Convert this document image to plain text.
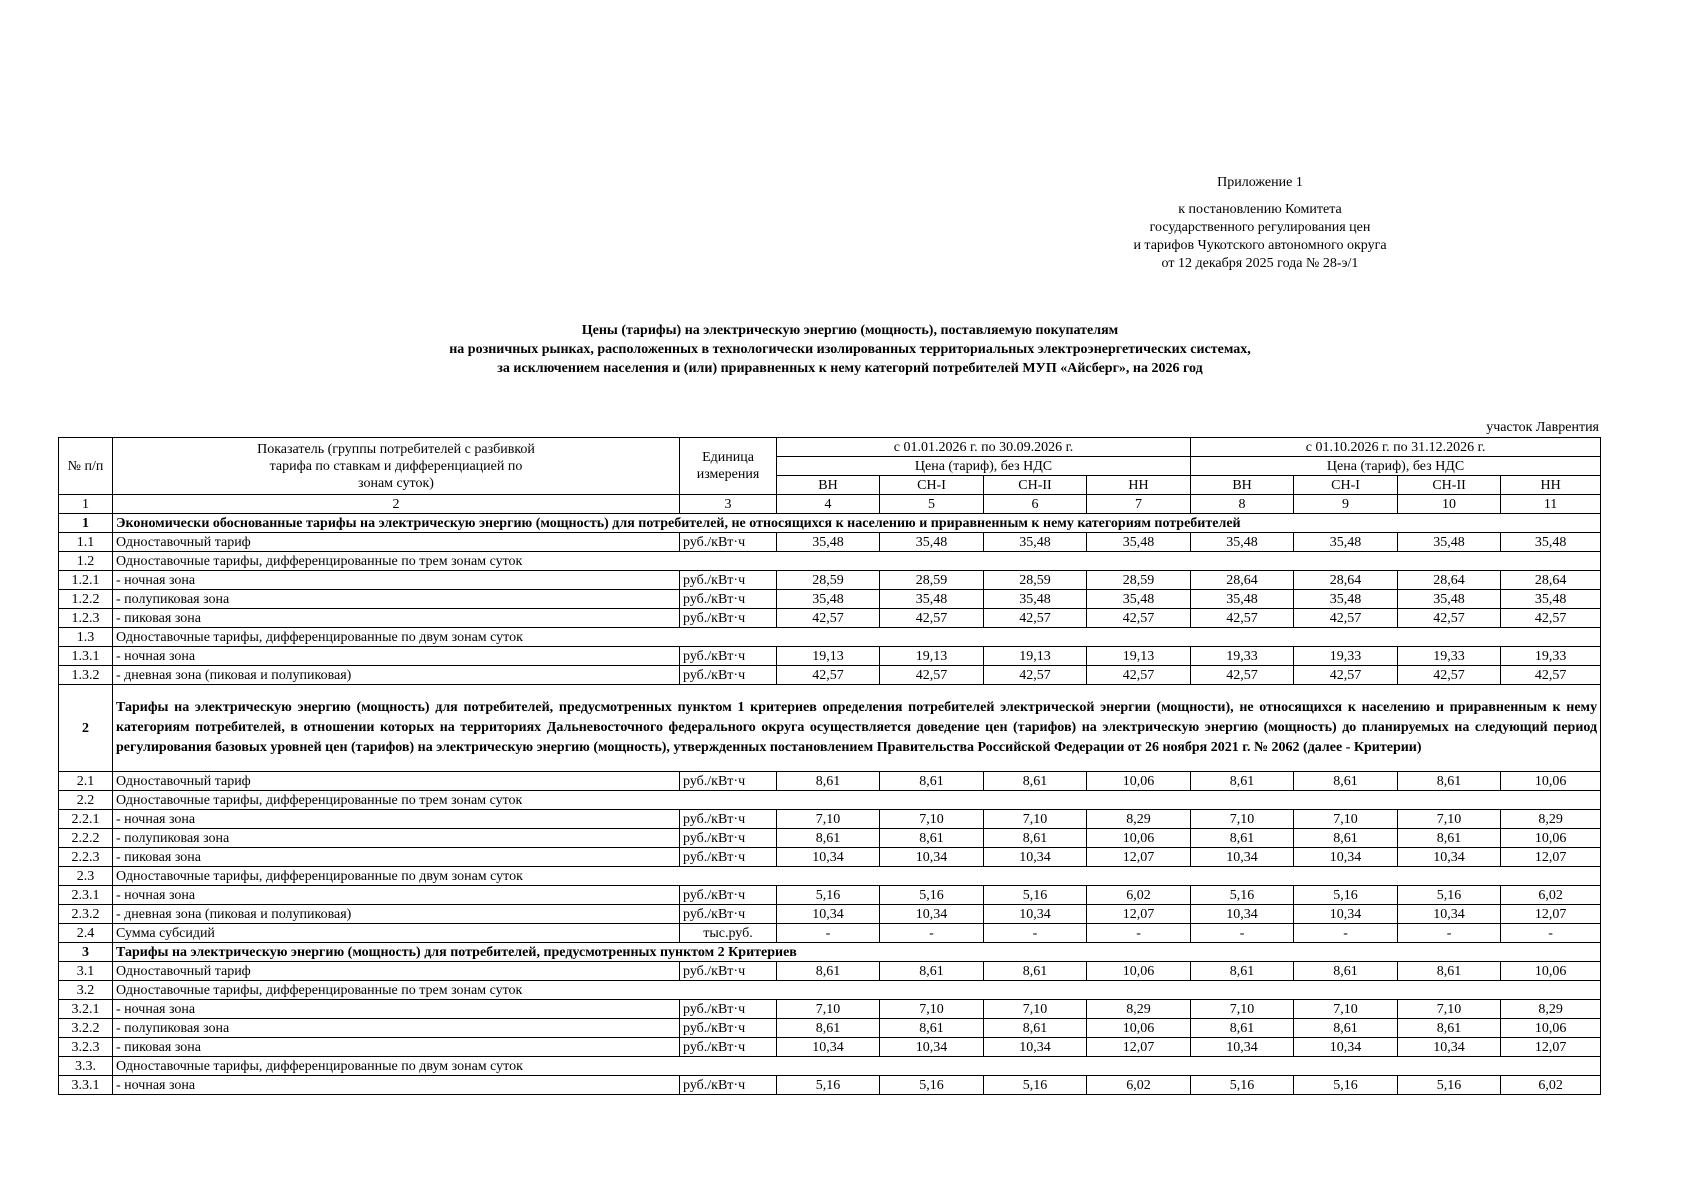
Приложение 1
к постановлению Комитета
государственного регулирования цен
и тарифов Чукотского автономного округа
от 12 декабря 2025 года № 28-э/1
Цены (тарифы) на электрическую энергию (мощность), поставляемую покупателям
на розничных рынках, расположенных в технологически изолированных территориальных электроэнергетических системах,
за исключением населения и (или) приравненных к нему категорий потребителей МУП «Айсберг», на 2026 год
участок Лаврентия
№ п/п	Показатель (группы потребителей с разбивкой тарифа по ставкам и дифференциацией по зонам суток)	Единица измерения	с 01.01.2026 г. по 30.09.2026 г.				с 01.10.2026 г. по 31.12.2026 г.			
			Цена (тариф), без НДС				Цена (тариф), без НДС			
			ВН	СН-I	СН-II	НН	ВН	СН-I	СН-II	НН
1	2	3	4	5	6	7	8	9	10	11
1	Экономически обоснованные тарифы на электрическую энергию (мощность) для потребителей, не относящихся к населению и приравненным к нему категориям потребителей									
1.1	Одноставочный тариф	руб./кВт·ч	35,48	35,48	35,48	35,48	35,48	35,48	35,48	35,48
1.2	Одноставочные тарифы, дифференцированные по трем зонам суток									
1.2.1	- ночная зона	руб./кВт·ч	28,59	28,59	28,59	28,59	28,64	28,64	28,64	28,64
1.2.2	- полупиковая зона	руб./кВт·ч	35,48	35,48	35,48	35,48	35,48	35,48	35,48	35,48
1.2.3	- пиковая зона	руб./кВт·ч	42,57	42,57	42,57	42,57	42,57	42,57	42,57	42,57
1.3	Одноставочные тарифы, дифференцированные по двум зонам суток									
1.3.1	- ночная зона	руб./кВт·ч	19,13	19,13	19,13	19,13	19,33	19,33	19,33	19,33
1.3.2	- дневная зона (пиковая и полупиковая)	руб./кВт·ч	42,57	42,57	42,57	42,57	42,57	42,57	42,57	42,57
2	Тарифы на электрическую энергию (мощность) для потребителей, предусмотренных пунктом 1 критериев определения потребителей электрической энергии (мощности), не относящихся к населению и приравненным к нему категориям потребителей, в отношении которых на территориях Дальневосточного федерального округа осуществляется доведение цен (тарифов) на электрическую энергию (мощность) до планируемых на следующий период регулирования базовых уровней цен (тарифов) на электрическую энергию (мощность), утвержденных постановлением Правительства Российской Федерации от 26 ноября 2021 г. № 2062 (далее - Критерии)									
2.1	Одноставочный тариф	руб./кВт·ч	8,61	8,61	8,61	10,06	8,61	8,61	8,61	10,06
2.2	Одноставочные тарифы, дифференцированные по трем зонам суток									
2.2.1	- ночная зона	руб./кВт·ч	7,10	7,10	7,10	8,29	7,10	7,10	7,10	8,29
2.2.2	- полупиковая зона	руб./кВт·ч	8,61	8,61	8,61	10,06	8,61	8,61	8,61	10,06
2.2.3	- пиковая зона	руб./кВт·ч	10,34	10,34	10,34	12,07	10,34	10,34	10,34	12,07
2.3	Одноставочные тарифы, дифференцированные по двум зонам суток									
2.3.1	- ночная зона	руб./кВт·ч	5,16	5,16	5,16	6,02	5,16	5,16	5,16	6,02
2.3.2	- дневная зона (пиковая и полупиковая)	руб./кВт·ч	10,34	10,34	10,34	12,07	10,34	10,34	10,34	12,07
2.4	Сумма субсидий	тыс.руб.	-	-	-	-	-	-	-	-
3	Тарифы на электрическую энергию (мощность) для потребителей, предусмотренных пунктом 2 Критериев									
3.1	Одноставочный тариф	руб./кВт·ч	8,61	8,61	8,61	10,06	8,61	8,61	8,61	10,06
3.2	Одноставочные тарифы, дифференцированные по трем зонам суток									
3.2.1	- ночная зона	руб./кВт·ч	7,10	7,10	7,10	8,29	7,10	7,10	7,10	8,29
3.2.2	- полупиковая зона	руб./кВт·ч	8,61	8,61	8,61	10,06	8,61	8,61	8,61	10,06
3.2.3	- пиковая зона	руб./кВт·ч	10,34	10,34	10,34	12,07	10,34	10,34	10,34	12,07
3.3.	Одноставочные тарифы, дифференцированные по двум зонам суток									
3.3.1	- ночная зона	руб./кВт·ч	5,16	5,16	5,16	6,02	5,16	5,16	5,16	6,02
